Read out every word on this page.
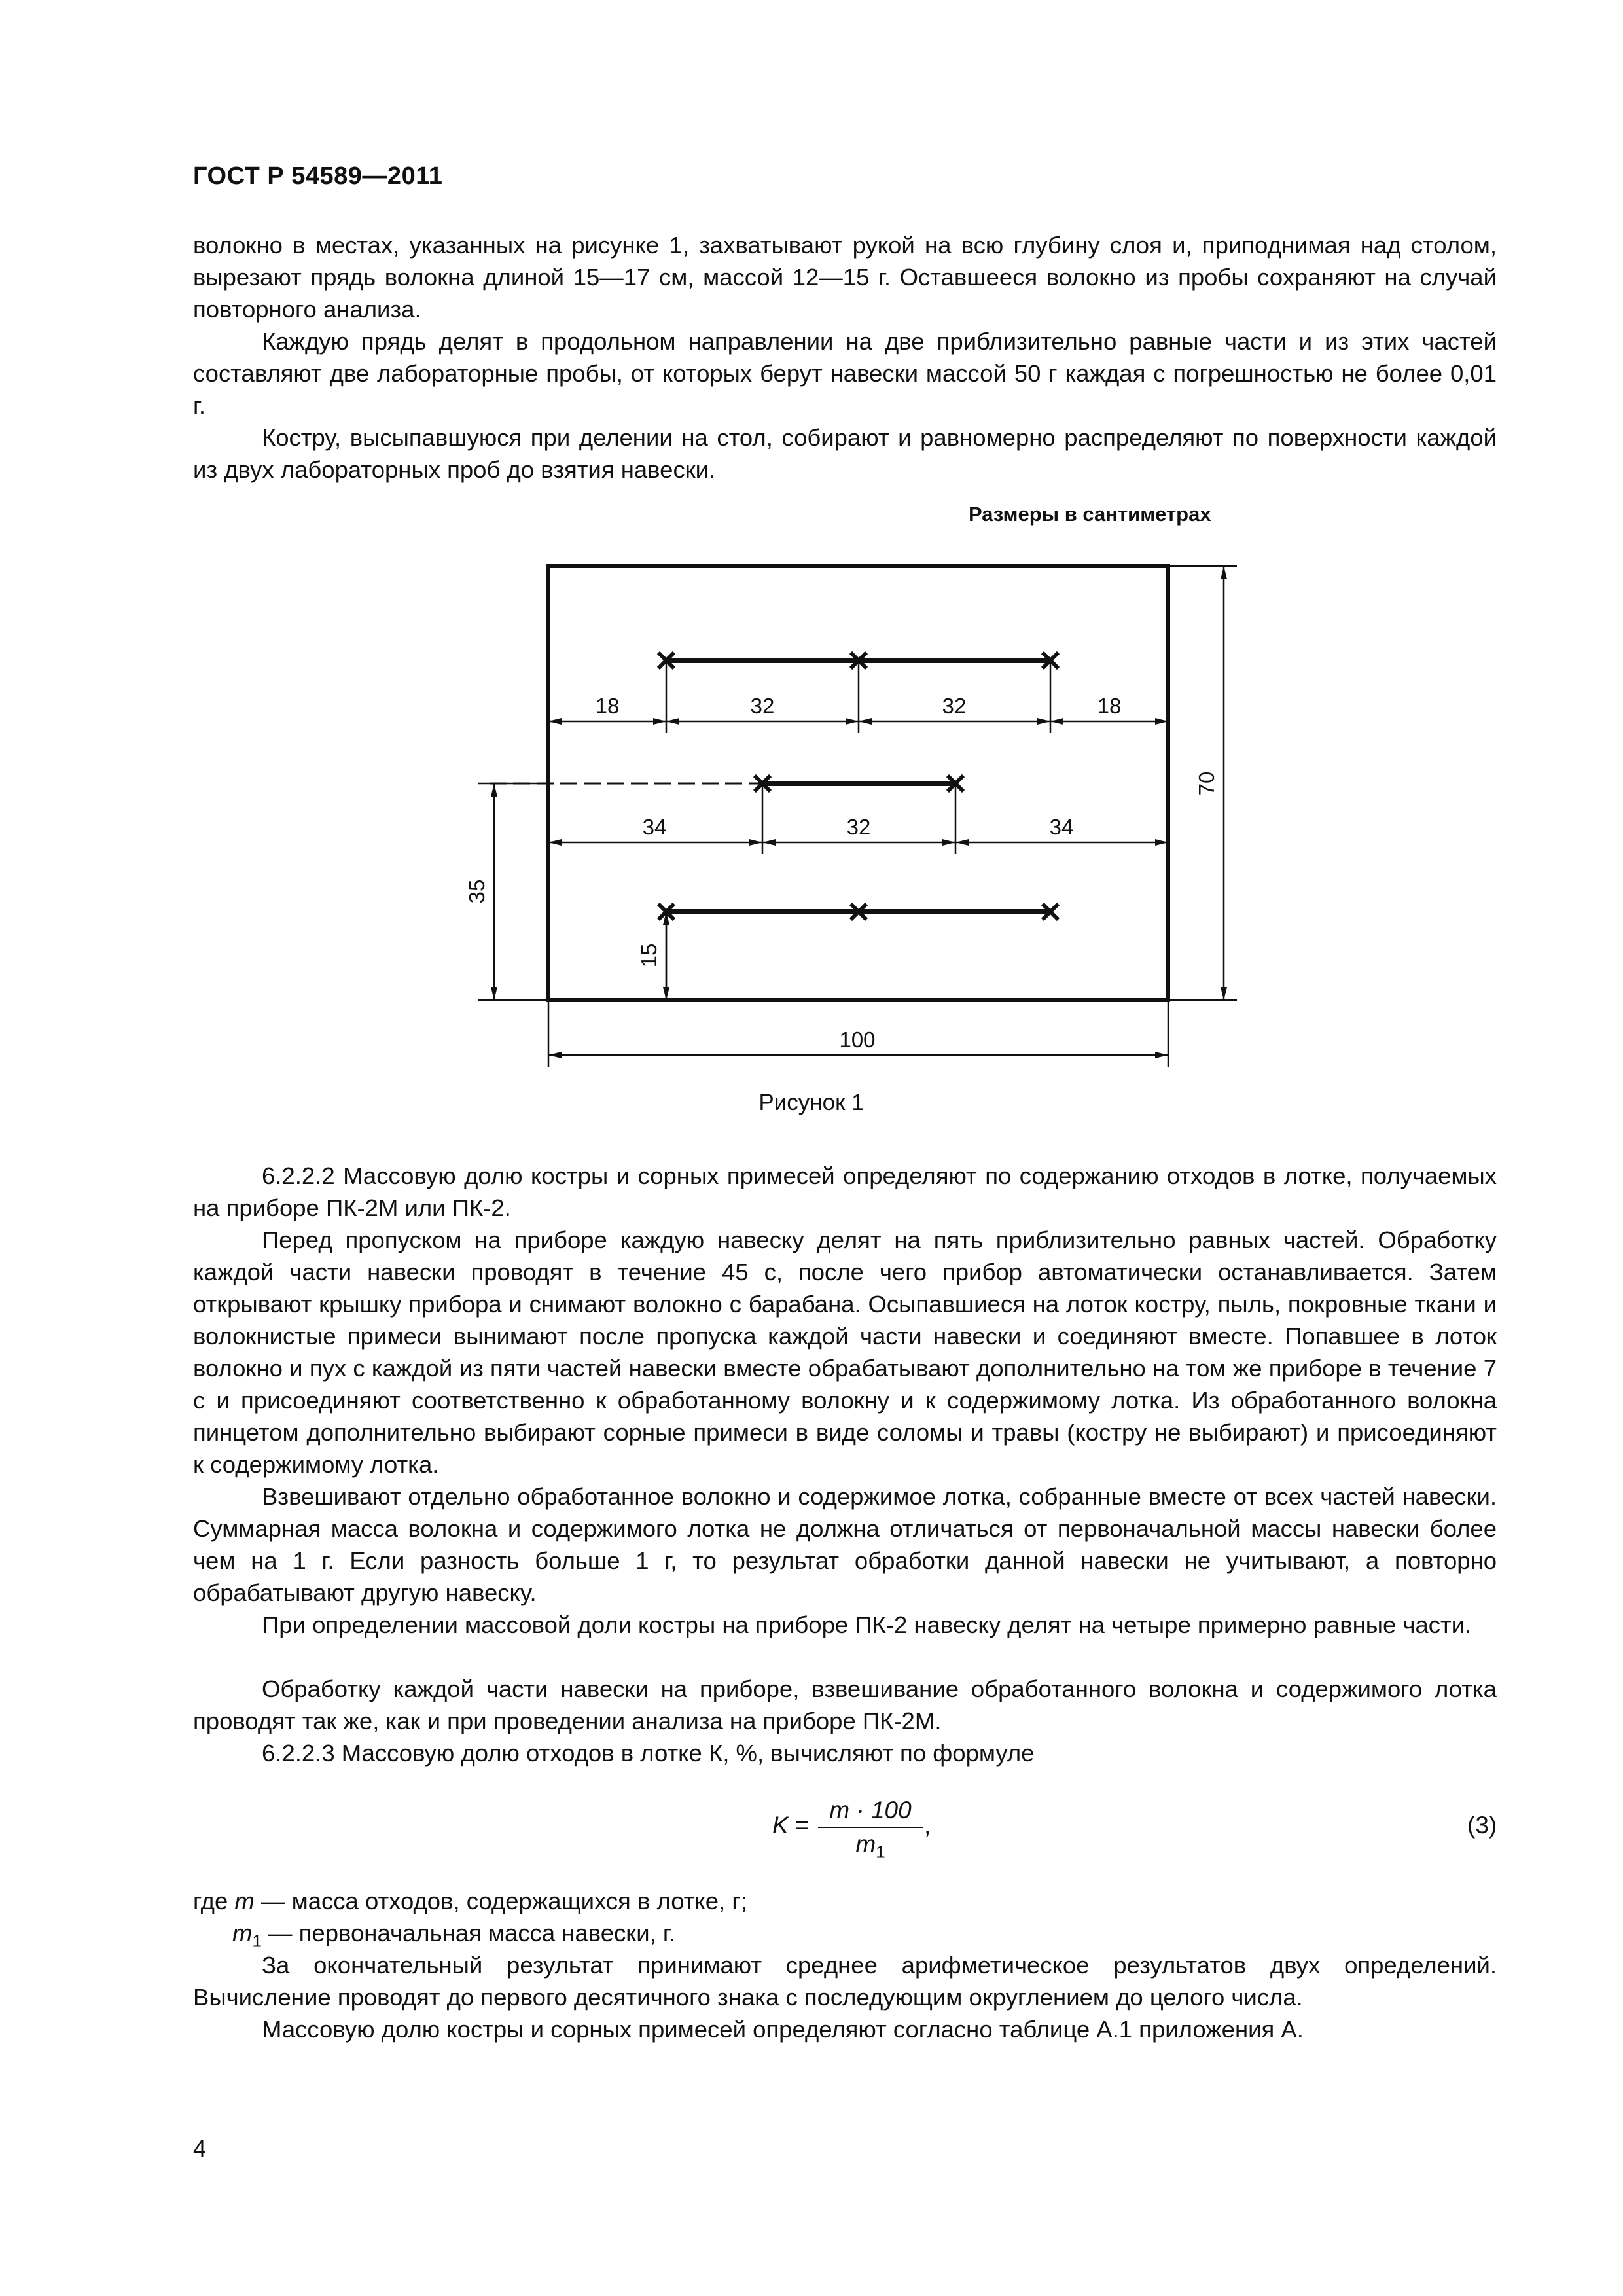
ГОСТ Р 54589—2011
волокно в местах, указанных на рисунке 1, захватывают рукой на всю глубину слоя и, приподнимая над столом, вырезают прядь волокна длиной 15—17 см, массой 12—15 г. Оставшееся волокно из пробы сохраняют на случай повторного анализа.
Каждую прядь делят в продольном направлении на две приблизительно равные части и из этих частей составляют две лабораторные пробы, от которых берут навески массой 50 г каждая с погрешностью не более 0,01 г.
Костру, высыпавшуюся при делении на стол, собирают и равномерно распределяют по поверхности каждой из двух лабораторных проб до взятия навески.
Размеры в сантиметрах
18	32	32	18
34	32	34
100
70
35
15
Рисунок 1
6.2.2.2 Массовую долю костры и сорных примесей определяют по содержанию отходов в лотке, получаемых на приборе ПК-2М или ПК-2.
Перед пропуском на приборе каждую навеску делят на пять приблизительно равных частей. Обработку каждой части навески проводят в течение 45 с, после чего прибор автоматически останавливается. Затем открывают крышку прибора и снимают волокно с барабана. Осыпавшиеся на лоток костру, пыль, покровные ткани и волокнистые примеси вынимают после пропуска каждой части навески и соединяют вместе. Попавшее в лоток волокно и пух с каждой из пяти частей навески вместе обрабатывают дополнительно на том же приборе в течение 7 с и присоединяют соответственно к обработанному волокну и к содержимому лотка. Из обработанного волокна пинцетом дополнительно выбирают сорные примеси в виде соломы и травы (костру не выбирают) и присоединяют к содержимому лотка.
Взвешивают отдельно обработанное волокно и содержимое лотка, собранные вместе от всех частей навески. Суммарная масса волокна и содержимого лотка не должна отличаться от первоначальной массы навески более чем на 1 г. Если разность больше 1 г, то результат обработки данной навески не учитывают, а повторно обрабатывают другую навеску.
При определении массовой доли костры на приборе ПК-2 навеску делят на четыре примерно равные части.
Обработку каждой части навески на приборе, взвешивание обработанного волокна и содержимого лотка проводят так же, как и при проведении анализа на приборе ПК-2М.
6.2.2.3 Массовую долю отходов в лотке К, %, вычисляют по формуле
K =
m · 100
$m_1$
,	(3)
где m — масса отходов, содержащихся в лотке, г;
$m_1$ — первоначальная масса навески, г.
За окончательный результат принимают среднее арифметическое результатов двух определений. Вычисление проводят до первого десятичного знака с последующим округлением до целого числа.
Массовую долю костры и сорных примесей определяют согласно таблице А.1 приложения А.
4
